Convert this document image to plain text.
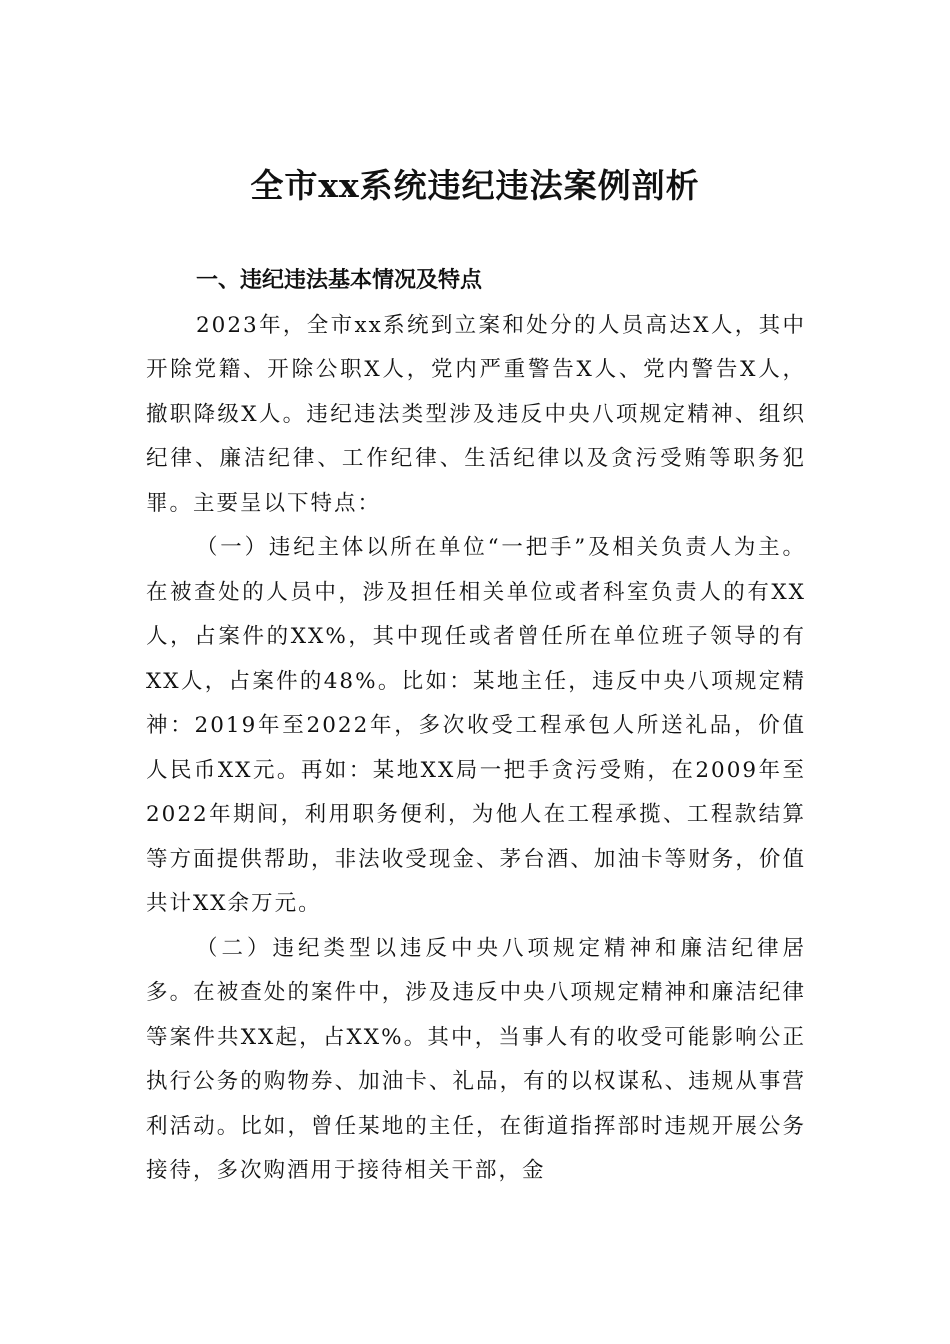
全市xx系统违纪违法案例剖析

一、违纪违法基本情况及特点

2023年，全市xx系统到立案和处分的人员高达X人，其中开除党籍、开除公职X人，党内严重警告X人、党内警告X人，撤职降级X人。违纪违法类型涉及违反中央八项规定精神、组织纪律、廉洁纪律、工作纪律、生活纪律以及贪污受贿等职务犯罪。主要呈以下特点：

（一）违纪主体以所在单位“一把手”及相关负责人为主。在被查处的人员中，涉及担任相关单位或者科室负责人的有XX人，占案件的XX%，其中现任或者曾任所在单位班子领导的有XX人，占案件的48%。比如：某地主任，违反中央八项规定精神：2019年至2022年，多次收受工程承包人所送礼品，价值人民币XX元。再如：某地XX局一把手贪污受贿，在2009年至2022年期间，利用职务便利，为他人在工程承揽、工程款结算等方面提供帮助，非法收受现金、茅台酒、加油卡等财务，价值共计XX余万元。

（二）违纪类型以违反中央八项规定精神和廉洁纪律居多。在被查处的案件中，涉及违反中央八项规定精神和廉洁纪律等案件共XX起，占XX%。其中，当事人有的收受可能影响公正执行公务的购物券、加油卡、礼品，有的以权谋私、违规从事营利活动。比如，曾任某地的主任，在街道指挥部时违规开展公务接待，多次购酒用于接待相关干部，金
